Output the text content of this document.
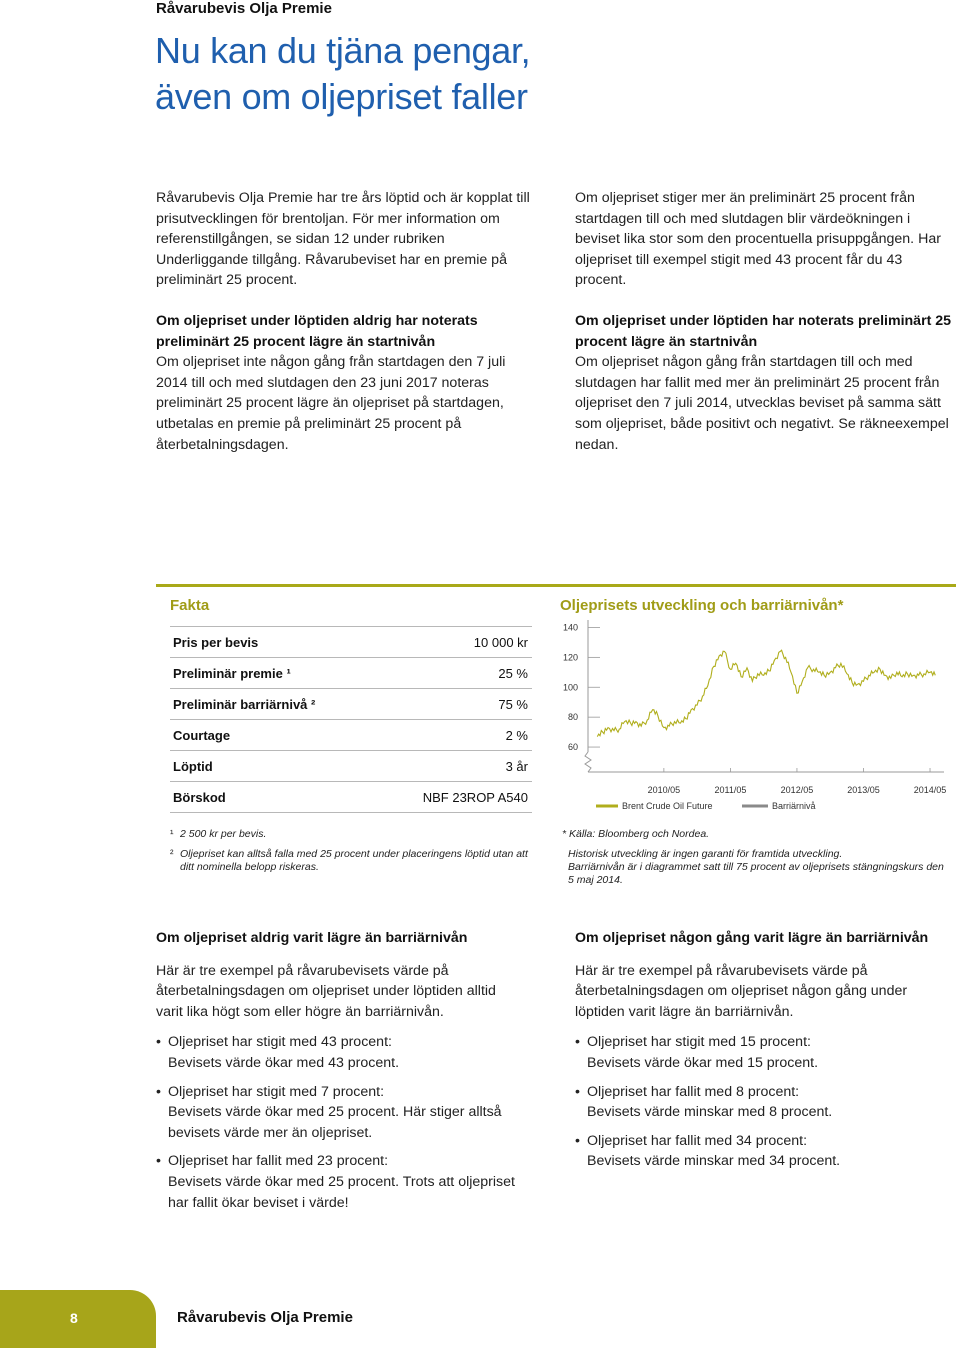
Råvarubevis Olja Premie
Nu kan du tjäna pengar,
även om oljepriset faller

Råvarubevis Olja Premie har tre års löptid och är kopplat till prisutvecklingen för brentoljan. För mer information om referenstillgången, se sidan 12 under rubriken Underliggande tillgång. Råvarubeviset har en premie på preliminärt 25 procent.

Om oljepriset under löptiden aldrig har noterats preliminärt 25 procent lägre än startnivån

Om oljepriset inte någon gång från startdagen den 7 juli 2014 till och med slutdagen den 23 juni 2017 noteras preliminärt 25 procent lägre än oljepriset på startdagen, utbetalas en premie på preliminärt 25 procent på återbetalningsdagen.

Om oljepriset stiger mer än preliminärt 25 procent från startdagen till och med slutdagen blir värdeökningen i beviset lika stor som den procentuella prisuppgången. Har oljepriset till exempel stigit med 43 procent får du 43 procent.

Om oljepriset under löptiden har noterats preliminärt 25 procent lägre än startnivån

Om oljepriset någon gång från startdagen till och med slutdagen har fallit med mer än preliminärt 25 procent från oljepriset den 7 juli 2014, utvecklas beviset på samma sätt som oljepriset, både positivt och negativt. Se räkneexempel nedan.

Fakta
Pris per bevis	10 000 kr
Preliminär premie ¹	25 %
Preliminär barriärnivå ²	75 %
Courtage	2 %
Löptid	3 år
Börskod	NBF 23ROP A540
¹ 2 500 kr per bevis.
² Oljepriset kan alltså falla med 25 procent under placeringens löptid utan att ditt nominella belopp riskeras.
Oljeprisets utveckling och barriärnivån*
60
80
100
120
140
2010/05	2011/05	2012/05	2013/05	2014/05
Brent Crude Oil Future	Barriärnivå
* Källa: Bloomberg och Nordea.
Historisk utveckling är ingen garanti för framtida utveckling.
Barriärnivån är i diagrammet satt till 75 procent av oljeprisets stängningskurs den 5 maj 2014.

Om oljepriset aldrig varit lägre än barriärnivån

Här är tre exempel på råvarubevisets värde på återbetalningsdagen om oljepriset under löptiden alltid varit lika högt som eller högre än barriärnivån.

• Oljepriset har stigit med 43 procent:
Bevisets värde ökar med 43 procent.
• Oljepriset har stigit med 7 procent:
Bevisets värde ökar med 25 procent. Här stiger alltså bevisets värde mer än oljepriset.
• Oljepriset har fallit med 23 procent:
Bevisets värde ökar med 25 procent. Trots att oljepriset har fallit ökar beviset i värde!

Om oljepriset någon gång varit lägre än barriärnivån

Här är tre exempel på råvarubevisets värde på återbetalningsdagen om oljepriset någon gång under löptiden varit lägre än barriärnivån.

• Oljepriset har stigit med 15 procent:
Bevisets värde ökar med 15 procent.
• Oljepriset har fallit med 8 procent:
Bevisets värde minskar med 8 procent.
• Oljepriset har fallit med 34 procent:
Bevisets värde minskar med 34 procent.
8	Råvarubevis Olja Premie
